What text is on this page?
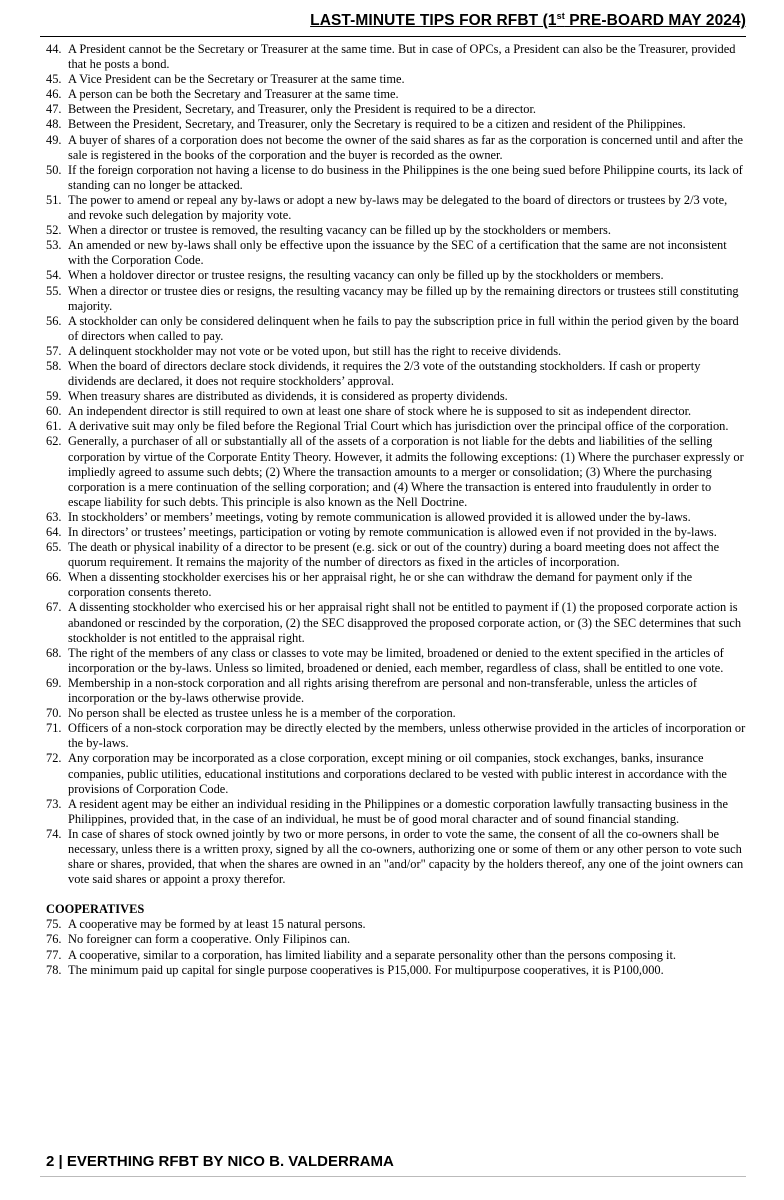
LAST-MINUTE TIPS FOR RFBT (1st PRE-BOARD MAY 2024)
44. A President cannot be the Secretary or Treasurer at the same time. But in case of OPCs, a President can also be the Treasurer, provided that he posts a bond.
45. A Vice President can be the Secretary or Treasurer at the same time.
46. A person can be both the Secretary and Treasurer at the same time.
47. Between the President, Secretary, and Treasurer, only the President is required to be a director.
48. Between the President, Secretary, and Treasurer, only the Secretary is required to be a citizen and resident of the Philippines.
49. A buyer of shares of a corporation does not become the owner of the said shares as far as the corporation is concerned until and after the sale is registered in the books of the corporation and the buyer is recorded as the owner.
50. If the foreign corporation not having a license to do business in the Philippines is the one being sued before Philippine courts, its lack of standing can no longer be attacked.
51. The power to amend or repeal any by-laws or adopt a new by-laws may be delegated to the board of directors or trustees by 2/3 vote, and revoke such delegation by majority vote.
52. When a director or trustee is removed, the resulting vacancy can be filled up by the stockholders or members.
53. An amended or new by-laws shall only be effective upon the issuance by the SEC of a certification that the same are not inconsistent with the Corporation Code.
54. When a holdover director or trustee resigns, the resulting vacancy can only be filled up by the stockholders or members.
55. When a director or trustee dies or resigns, the resulting vacancy may be filled up by the remaining directors or trustees still constituting majority.
56. A stockholder can only be considered delinquent when he fails to pay the subscription price in full within the period given by the board of directors when called to pay.
57. A delinquent stockholder may not vote or be voted upon, but still has the right to receive dividends.
58. When the board of directors declare stock dividends, it requires the 2/3 vote of the outstanding stockholders. If cash or property dividends are declared, it does not require stockholders’ approval.
59. When treasury shares are distributed as dividends, it is considered as property dividends.
60. An independent director is still required to own at least one share of stock where he is supposed to sit as independent director.
61. A derivative suit may only be filed before the Regional Trial Court which has jurisdiction over the principal office of the corporation.
62. Generally, a purchaser of all or substantially all of the assets of a corporation is not liable for the debts and liabilities of the selling corporation by virtue of the Corporate Entity Theory. However, it admits the following exceptions: (1) Where the purchaser expressly or impliedly agreed to assume such debts; (2) Where the transaction amounts to a merger or consolidation; (3) Where the purchasing corporation is a mere continuation of the selling corporation; and (4) Where the transaction is entered into fraudulently in order to escape liability for such debts. This principle is also known as the Nell Doctrine.
63. In stockholders’ or members’ meetings, voting by remote communication is allowed provided it is allowed under the by-laws.
64. In directors’ or trustees’ meetings, participation or voting by remote communication is allowed even if not provided in the by-laws.
65. The death or physical inability of a director to be present (e.g. sick or out of the country) during a board meeting does not affect the quorum requirement. It remains the majority of the number of directors as fixed in the articles of incorporation.
66. When a dissenting stockholder exercises his or her appraisal right, he or she can withdraw the demand for payment only if the corporation consents thereto.
67. A dissenting stockholder who exercised his or her appraisal right shall not be entitled to payment if (1) the proposed corporate action is abandoned or rescinded by the corporation, (2) the SEC disapproved the proposed corporate action, or (3) the SEC determines that such stockholder is not entitled to the appraisal right.
68. The right of the members of any class or classes to vote may be limited, broadened or denied to the extent specified in the articles of incorporation or the by-laws. Unless so limited, broadened or denied, each member, regardless of class, shall be entitled to one vote.
69. Membership in a non-stock corporation and all rights arising therefrom are personal and non-transferable, unless the articles of incorporation or the by-laws otherwise provide.
70. No person shall be elected as trustee unless he is a member of the corporation.
71. Officers of a non-stock corporation may be directly elected by the members, unless otherwise provided in the articles of incorporation or the by-laws.
72. Any corporation may be incorporated as a close corporation, except mining or oil companies, stock exchanges, banks, insurance companies, public utilities, educational institutions and corporations declared to be vested with public interest in accordance with the provisions of Corporation Code.
73. A resident agent may be either an individual residing in the Philippines or a domestic corporation lawfully transacting business in the Philippines, provided that, in the case of an individual, he must be of good moral character and of sound financial standing.
74. In case of shares of stock owned jointly by two or more persons, in order to vote the same, the consent of all the co-owners shall be necessary, unless there is a written proxy, signed by all the co-owners, authorizing one or some of them or any other person to vote such share or shares, provided, that when the shares are owned in an "and/or" capacity by the holders thereof, any one of the joint owners can vote said shares or appoint a proxy therefor.
COOPERATIVES
75. A cooperative may be formed by at least 15 natural persons.
76. No foreigner can form a cooperative. Only Filipinos can.
77. A cooperative, similar to a corporation, has limited liability and a separate personality other than the persons composing it.
78. The minimum paid up capital for single purpose cooperatives is P15,000. For multipurpose cooperatives, it is P100,000.
2 | EVERTHING RFBT BY NICO B. VALDERRAMA
